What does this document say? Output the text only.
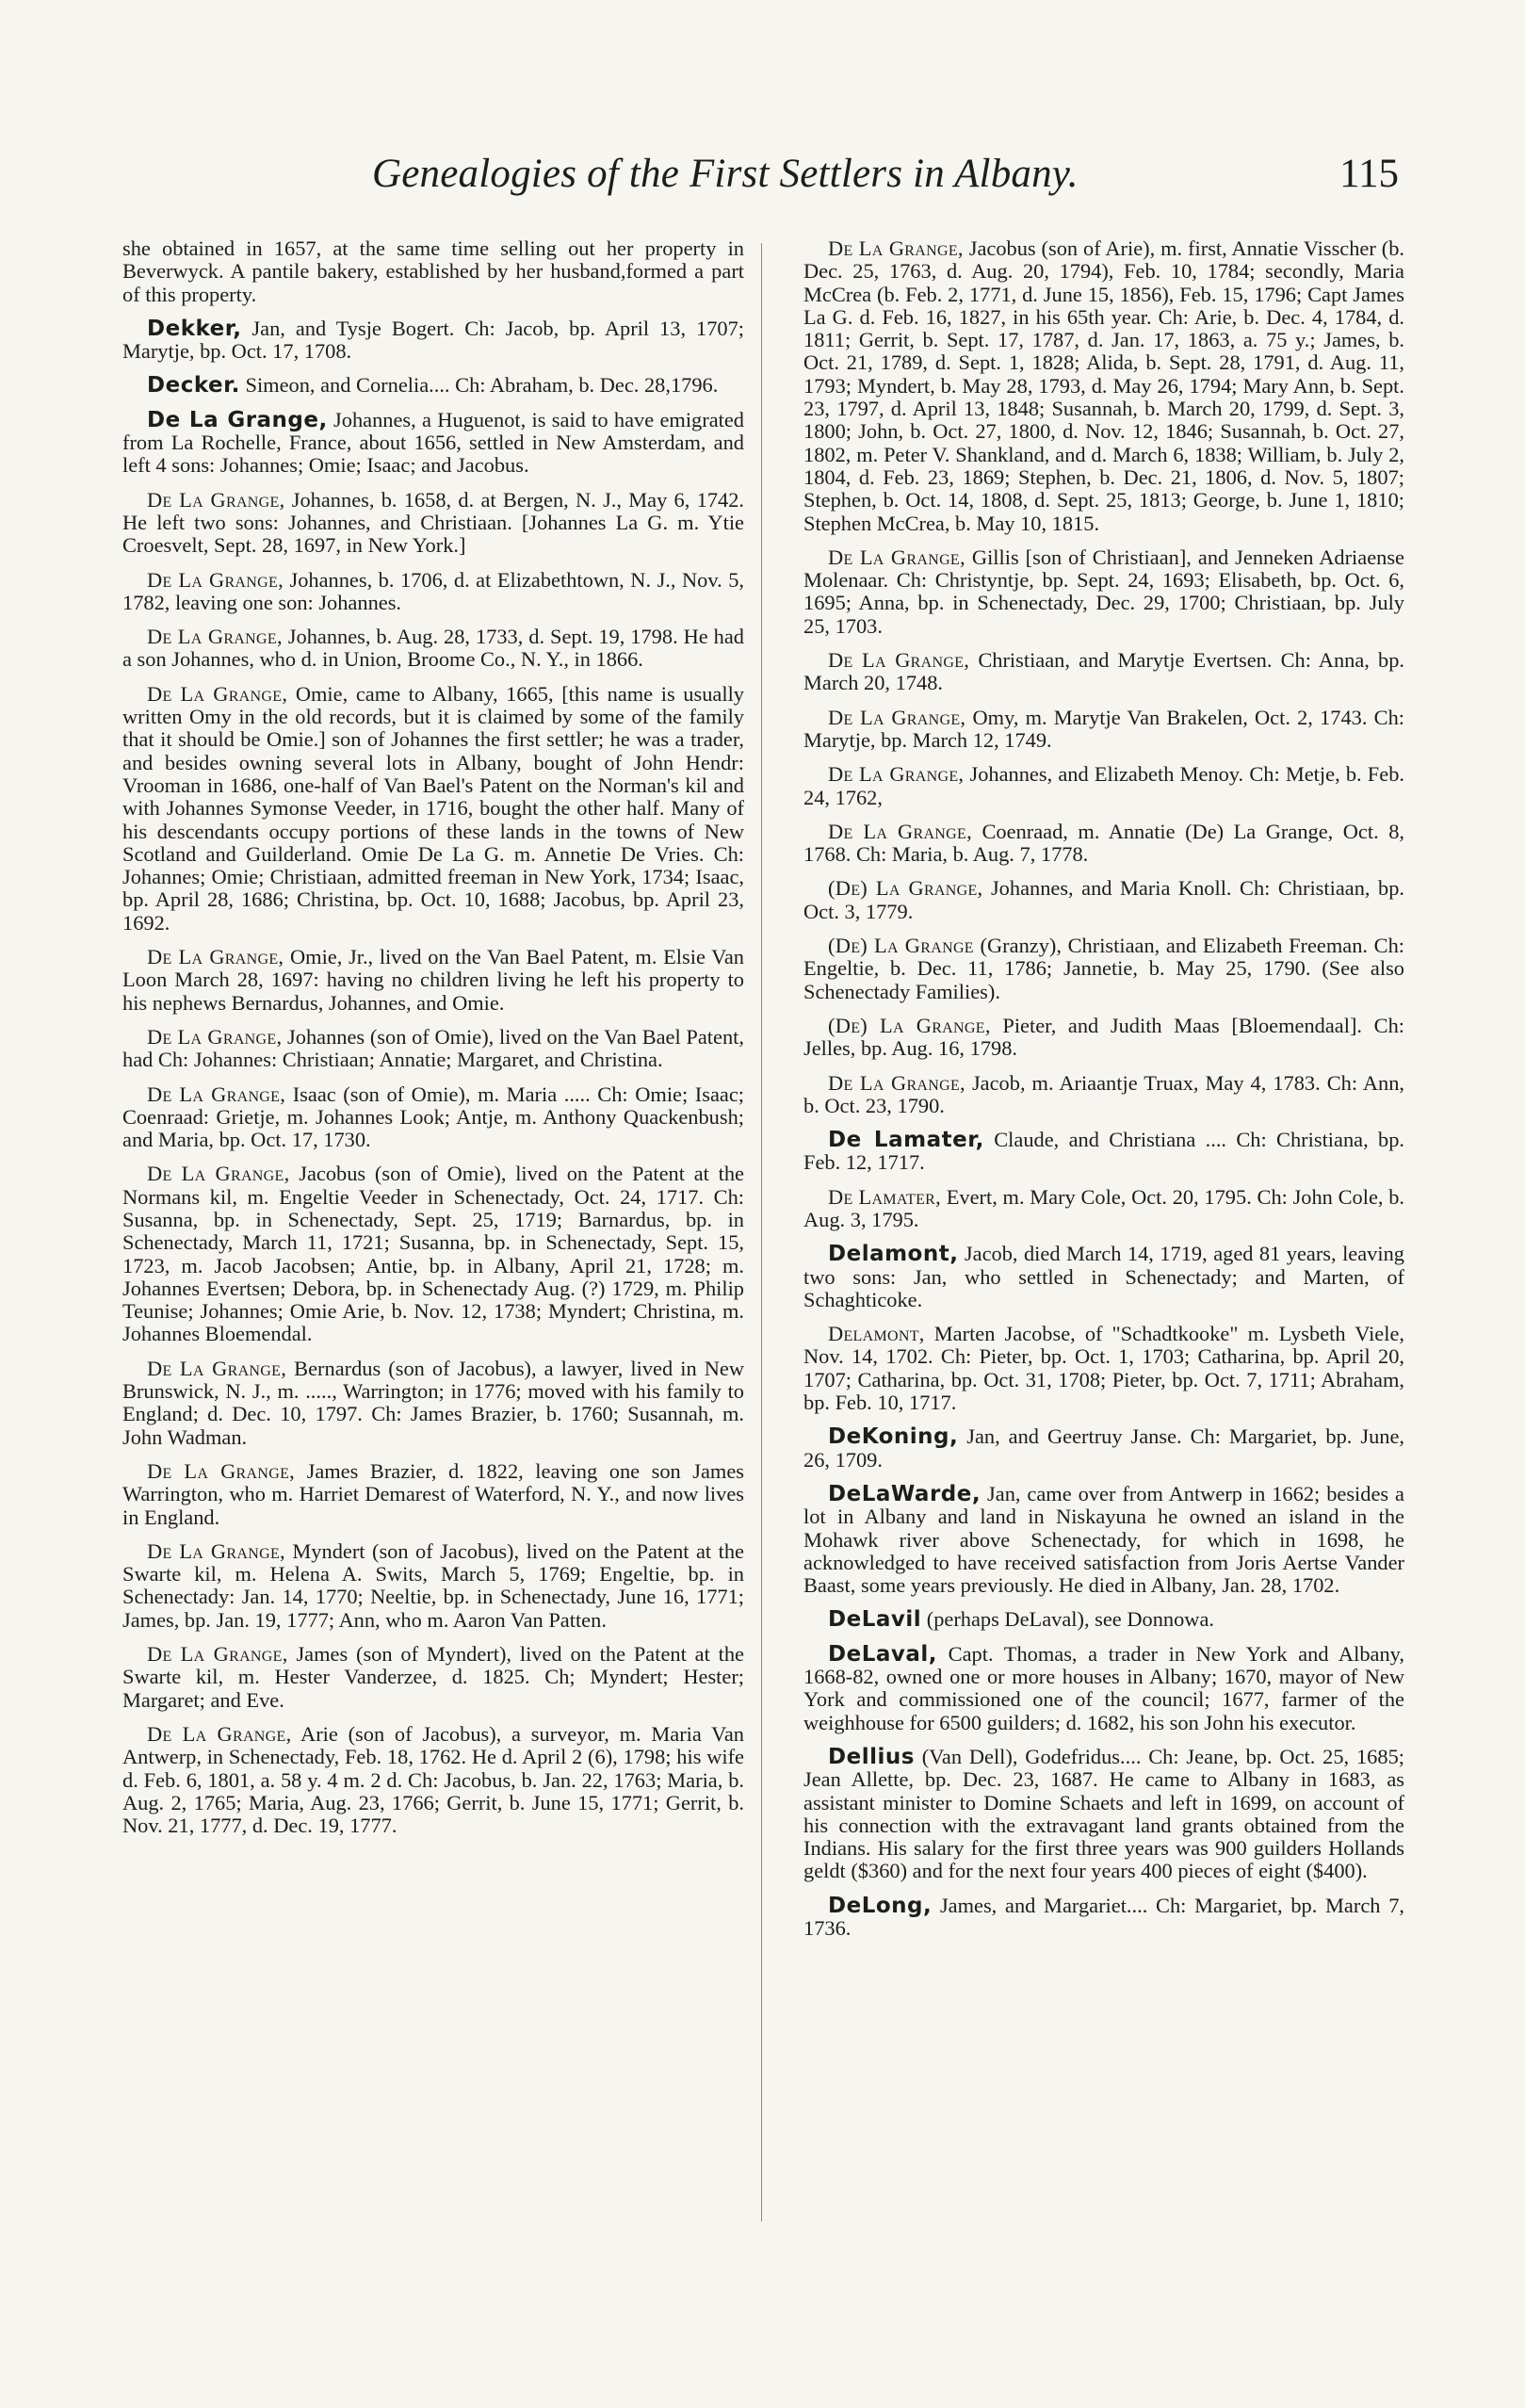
Genealogies of the First Settlers in Albany.	115

she obtained in 1657, at the same time selling out her property in Beverwyck. A pantile bakery, established by her husband,formed a part of this property.

Dekker, Jan, and Tysje Bogert. Ch: Jacob, bp. April 13, 1707; Marytje, bp. Oct. 17, 1708.

Decker. Simeon, and Cornelia.... Ch: Abraham, b. Dec. 28,1796.

De La Grange, Johannes, a Huguenot, is said to have emigrated from La Rochelle, France, about 1656, settled in New Amsterdam, and left 4 sons: Johannes; Omie; Isaac; and Jacobus.

De La Grange, Johannes, b. 1658, d. at Bergen, N. J., May 6, 1742. He left two sons: Johannes, and Christiaan. [Johannes La G. m. Ytie Croesvelt, Sept. 28, 1697, in New York.]

De La Grange, Johannes, b. 1706, d. at Elizabethtown, N. J., Nov. 5, 1782, leaving one son: Johannes.

De La Grange, Johannes, b. Aug. 28, 1733, d. Sept. 19, 1798. He had a son Johannes, who d. in Union, Broome Co., N. Y., in 1866.

De La Grange, Omie, came to Albany, 1665, [this name is usually written Omy in the old records, but it is claimed by some of the family that it should be Omie.] son of Johannes the first settler; he was a trader, and besides owning several lots in Albany, bought of John Hendr: Vrooman in 1686, one-half of Van Bael's Patent on the Norman's kil and with Johannes Symonse Veeder, in 1716, bought the other half. Many of his descendants occupy portions of these lands in the towns of New Scotland and Guilderland. Omie De La G. m. Annetie De Vries. Ch: Johannes; Omie; Christiaan, admitted freeman in New York, 1734; Isaac, bp. April 28, 1686; Christina, bp. Oct. 10, 1688; Jacobus, bp. April 23, 1692.

De La Grange, Omie, Jr., lived on the Van Bael Patent, m. Elsie Van Loon March 28, 1697: having no children living he left his property to his nephews Bernardus, Johannes, and Omie.

De La Grange, Johannes (son of Omie), lived on the Van Bael Patent, had Ch: Johannes: Christiaan; Annatie; Margaret, and Christina.

De La Grange, Isaac (son of Omie), m. Maria ..... Ch: Omie; Isaac; Coenraad: Grietje, m. Johannes Look; Antje, m. Anthony Quackenbush; and Maria, bp. Oct. 17, 1730.

De La Grange, Jacobus (son of Omie), lived on the Patent at the Normans kil, m. Engeltie Veeder in Schenectady, Oct. 24, 1717. Ch: Susanna, bp. in Schenectady, Sept. 25, 1719; Barnardus, bp. in Schenectady, March 11, 1721; Susanna, bp. in Schenectady, Sept. 15, 1723, m. Jacob Jacobsen; Antie, bp. in Albany, April 21, 1728; m. Johannes Evertsen; Debora, bp. in Schenectady Aug. (?) 1729, m. Philip Teunise; Johannes; Omie Arie, b. Nov. 12, 1738; Myndert; Christina, m. Johannes Bloemendal.

De La Grange, Bernardus (son of Jacobus), a lawyer, lived in New Brunswick, N. J., m. ....., Warrington; in 1776; moved with his family to England; d. Dec. 10, 1797. Ch: James Brazier, b. 1760; Susannah, m. John Wadman.

De La Grange, James Brazier, d. 1822, leaving one son James Warrington, who m. Harriet Demarest of Waterford, N. Y., and now lives in England.

De La Grange, Myndert (son of Jacobus), lived on the Patent at the Swarte kil, m. Helena A. Swits, March 5, 1769; Engeltie, bp. in Schenectady: Jan. 14, 1770; Neeltie, bp. in Schenectady, June 16, 1771; James, bp. Jan. 19, 1777; Ann, who m. Aaron Van Patten.

De La Grange, James (son of Myndert), lived on the Patent at the Swarte kil, m. Hester Vanderzee, d. 1825. Ch; Myndert; Hester; Margaret; and Eve.

De La Grange, Arie (son of Jacobus), a surveyor, m. Maria Van Antwerp, in Schenectady, Feb. 18, 1762. He d. April 2 (6), 1798; his wife d. Feb. 6, 1801, a. 58 y. 4 m. 2 d. Ch: Jacobus, b. Jan. 22, 1763; Maria, b. Aug. 2, 1765; Maria, Aug. 23, 1766; Gerrit, b. June 15, 1771; Gerrit, b. Nov. 21, 1777, d. Dec. 19, 1777.

De La Grange, Jacobus (son of Arie), m. first, Annatie Visscher (b. Dec. 25, 1763, d. Aug. 20, 1794), Feb. 10, 1784; secondly, Maria McCrea (b. Feb. 2, 1771, d. June 15, 1856), Feb. 15, 1796; Capt James La G. d. Feb. 16, 1827, in his 65th year. Ch: Arie, b. Dec. 4, 1784, d. 1811; Gerrit, b. Sept. 17, 1787, d. Jan. 17, 1863, a. 75 y.; James, b. Oct. 21, 1789, d. Sept. 1, 1828; Alida, b. Sept. 28, 1791, d. Aug. 11, 1793; Myndert, b. May 28, 1793, d. May 26, 1794; Mary Ann, b. Sept. 23, 1797, d. April 13, 1848; Susannah, b. March 20, 1799, d. Sept. 3, 1800; John, b. Oct. 27, 1800, d. Nov. 12, 1846; Susannah, b. Oct. 27, 1802, m. Peter V. Shankland, and d. March 6, 1838; William, b. July 2, 1804, d. Feb. 23, 1869; Stephen, b. Dec. 21, 1806, d. Nov. 5, 1807; Stephen, b. Oct. 14, 1808, d. Sept. 25, 1813; George, b. June 1, 1810; Stephen McCrea, b. May 10, 1815.

De La Grange, Gillis [son of Christiaan], and Jenneken Adriaense Molenaar. Ch: Christyntje, bp. Sept. 24, 1693; Elisabeth, bp. Oct. 6, 1695; Anna, bp. in Schenectady, Dec. 29, 1700; Christiaan, bp. July 25, 1703.

De La Grange, Christiaan, and Marytje Evertsen. Ch: Anna, bp. March 20, 1748.

De La Grange, Omy, m. Marytje Van Brakelen, Oct. 2, 1743. Ch: Marytje, bp. March 12, 1749.

De La Grange, Johannes, and Elizabeth Menoy. Ch: Metje, b. Feb. 24, 1762,

De La Grange, Coenraad, m. Annatie (De) La Grange, Oct. 8, 1768. Ch: Maria, b. Aug. 7, 1778.

(De) La Grange, Johannes, and Maria Knoll. Ch: Christiaan, bp. Oct. 3, 1779.

(De) La Grange (Granzy), Christiaan, and Elizabeth Freeman. Ch: Engeltie, b. Dec. 11, 1786; Jannetie, b. May 25, 1790. (See also Schenectady Families).

(De) La Grange, Pieter, and Judith Maas [Bloemendaal]. Ch: Jelles, bp. Aug. 16, 1798.

De La Grange, Jacob, m. Ariaantje Truax, May 4, 1783. Ch: Ann, b. Oct. 23, 1790.

De Lamater, Claude, and Christiana .... Ch: Christiana, bp. Feb. 12, 1717.

De Lamater, Evert, m. Mary Cole, Oct. 20, 1795. Ch: John Cole, b. Aug. 3, 1795.

Delamont, Jacob, died March 14, 1719, aged 81 years, leaving two sons: Jan, who settled in Schenectady; and Marten, of Schaghticoke.

Delamont, Marten Jacobse, of "Schadtkooke" m. Lysbeth Viele, Nov. 14, 1702. Ch: Pieter, bp. Oct. 1, 1703; Catharina, bp. April 20, 1707; Catharina, bp. Oct. 31, 1708; Pieter, bp. Oct. 7, 1711; Abraham, bp. Feb. 10, 1717.

DeKoning, Jan, and Geertruy Janse. Ch: Margariet, bp. June, 26, 1709.

DeLaWarde, Jan, came over from Antwerp in 1662; besides a lot in Albany and land in Niskayuna he owned an island in the Mohawk river above Schenectady, for which in 1698, he acknowledged to have received satisfaction from Joris Aertse Vander Baast, some years previously. He died in Albany, Jan. 28, 1702.

DeLavil (perhaps DeLaval), see Donnowa.

DeLaval, Capt. Thomas, a trader in New York and Albany, 1668-82, owned one or more houses in Albany; 1670, mayor of New York and commissioned one of the council; 1677, farmer of the weighhouse for 6500 guilders; d. 1682, his son John his executor.

Dellius (Van Dell), Godefridus.... Ch: Jeane, bp. Oct. 25, 1685; Jean Allette, bp. Dec. 23, 1687. He came to Albany in 1683, as assistant minister to Domine Schaets and left in 1699, on account of his connection with the extravagant land grants obtained from the Indians. His salary for the first three years was 900 guilders Hollands geldt ($360) and for the next four years 400 pieces of eight ($400).

DeLong, James, and Margariet.... Ch: Margariet, bp. March 7, 1736.
